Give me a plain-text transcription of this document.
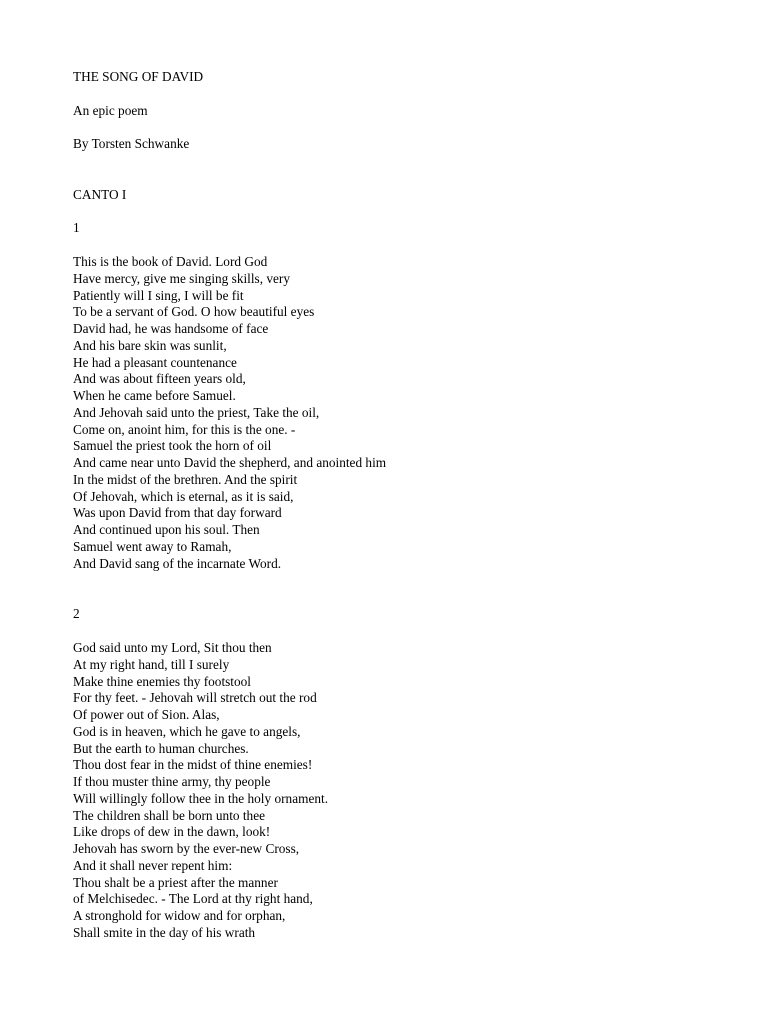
THE SONG OF DAVID

An epic poem

By Torsten Schwanke

CANTO I

1

This is the book of David. Lord God
Have mercy, give me singing skills, very
Patiently will I sing, I will be fit
To be a servant of God. O how beautiful eyes
David had, he was handsome of face
And his bare skin was sunlit,
He had a pleasant countenance
And was about fifteen years old,
When he came before Samuel.
And Jehovah said unto the priest, Take the oil,
Come on, anoint him, for this is the one. -
Samuel the priest took the horn of oil
And came near unto David the shepherd, and anointed him
In the midst of the brethren. And the spirit
Of Jehovah, which is eternal, as it is said,
Was upon David from that day forward
And continued upon his soul. Then
Samuel went away to Ramah,
And David sang of the incarnate Word.

2

God said unto my Lord, Sit thou then
At my right hand, till I surely
Make thine enemies thy footstool
For thy feet. - Jehovah will stretch out the rod
Of power out of Sion. Alas,
God is in heaven, which he gave to angels,
But the earth to human churches.
Thou dost fear in the midst of thine enemies!
If thou muster thine army, thy people
Will willingly follow thee in the holy ornament.
The children shall be born unto thee
Like drops of dew in the dawn, look!
Jehovah has sworn by the ever-new Cross,
And it shall never repent him:
Thou shalt be a priest after the manner
of Melchisedec. - The Lord at thy right hand,
A stronghold for widow and for orphan,
Shall smite in the day of his wrath
